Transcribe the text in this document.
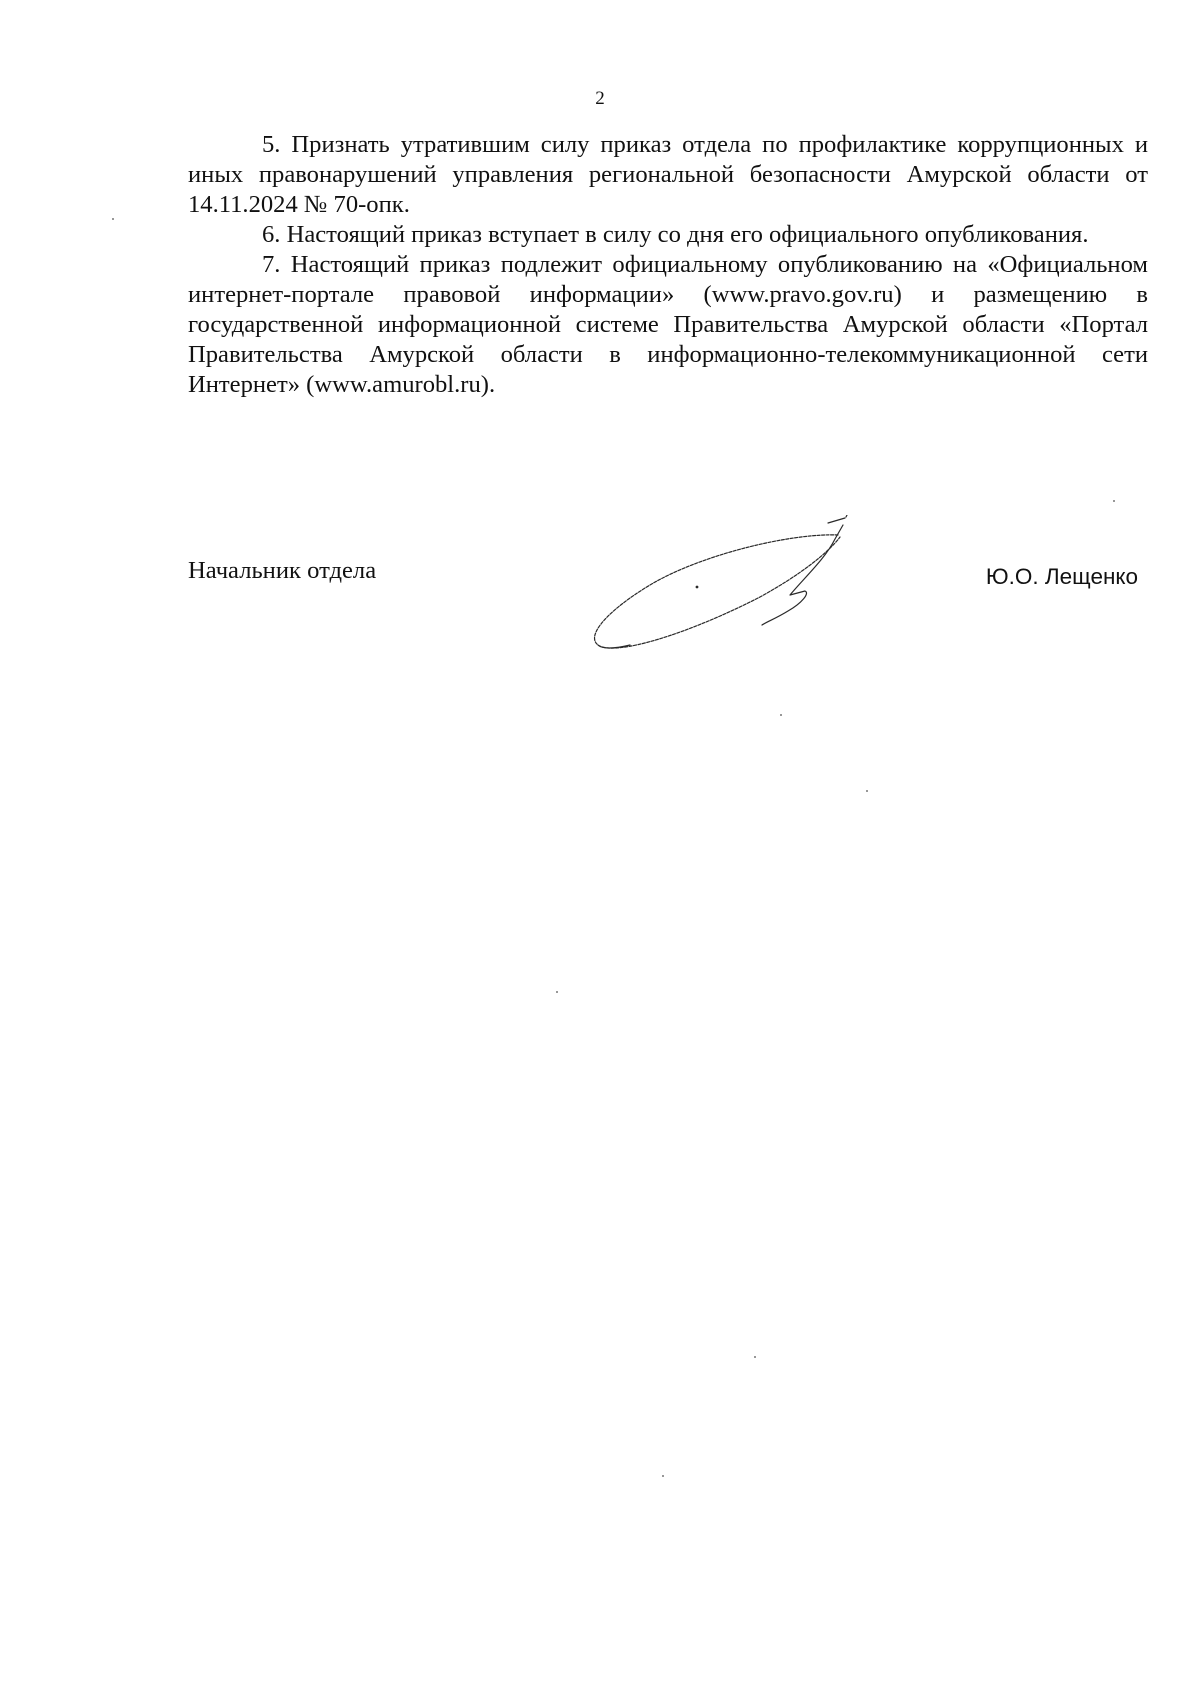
2

5. Признать утратившим силу приказ отдела по профилактике коррупционных и иных правонарушений управления региональной безопасности Амурской области от 14.11.2024 № 70-опк.

6. Настоящий приказ вступает в силу со дня его официального опубликования.

7. Настоящий приказ подлежит официальному опубликованию на «Официальном интернет-портале правовой информации» (www.pravo.gov.ru) и размещению в государственной информационной системе Правительства Амурской области «Портал Правительства Амурской области в информационно-телекоммуникационной сети Интернет» (www.amurobl.ru).

Начальник отдела	Ю.О. Лещенко
